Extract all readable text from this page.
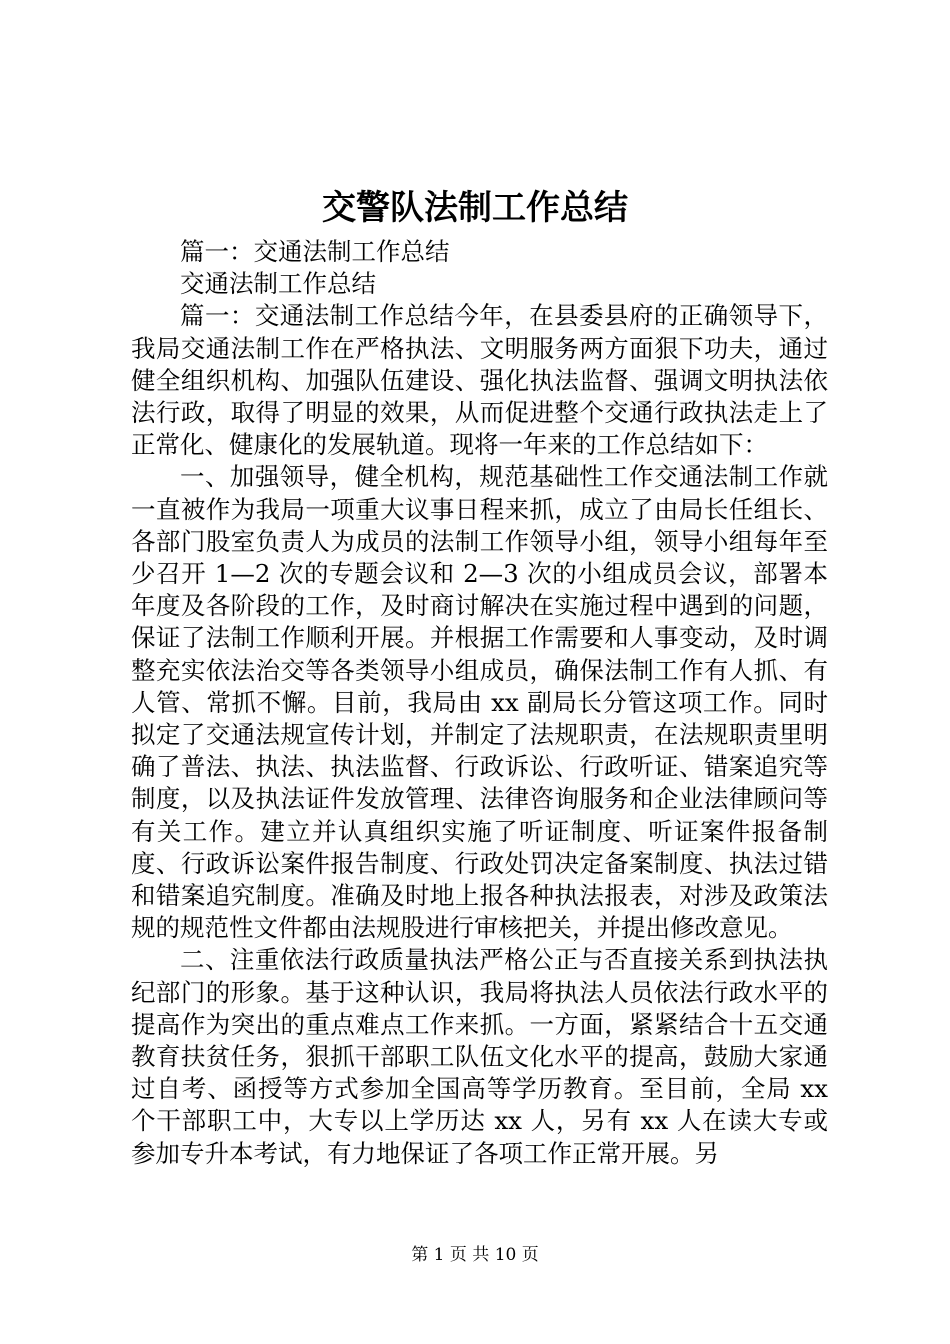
交警队法制工作总结

篇一：交通法制工作总结

交通法制工作总结

篇一：交通法制工作总结今年，在县委县府的正确领导下，我局交通法制工作在严格执法、文明服务两方面狠下功夫，通过健全组织机构、加强队伍建设、强化执法监督、强调文明执法依法行政，取得了明显的效果，从而促进整个交通行政执法走上了正常化、健康化的发展轨道。现将一年来的工作总结如下：

一、加强领导，健全机构，规范基础性工作交通法制工作就一直被作为我局一项重大议事日程来抓，成立了由局长任组长、各部门股室负责人为成员的法制工作领导小组，领导小组每年至少召开 1—2 次的专题会议和 2—3 次的小组成员会议，部署本年度及各阶段的工作，及时商讨解决在实施过程中遇到的问题，保证了法制工作顺利开展。并根据工作需要和人事变动，及时调整充实依法治交等各类领导小组成员，确保法制工作有人抓、有人管、常抓不懈。目前，我局由 xx 副局长分管这项工作。同时拟定了交通法规宣传计划，并制定了法规职责，在法规职责里明确了普法、执法、执法监督、行政诉讼、行政听证、错案追究等制度，以及执法证件发放管理、法律咨询服务和企业法律顾问等有关工作。建立并认真组织实施了听证制度、听证案件报备制度、行政诉讼案件报告制度、行政处罚决定备案制度、执法过错和错案追究制度。准确及时地上报各种执法报表，对涉及政策法规的规范性文件都由法规股进行审核把关，并提出修改意见。

二、注重依法行政质量执法严格公正与否直接关系到执法执纪部门的形象。基于这种认识，我局将执法人员依法行政水平的提高作为突出的重点难点工作来抓。一方面，紧紧结合十五交通教育扶贫任务，狠抓干部职工队伍文化水平的提高，鼓励大家通过自考、函授等方式参加全国高等学历教育。至目前，全局 xx 个干部职工中，大专以上学历达 xx 人，另有 xx 人在读大专或参加专升本考试，有力地保证了各项工作正常开展。另

第 1 页 共 10 页
